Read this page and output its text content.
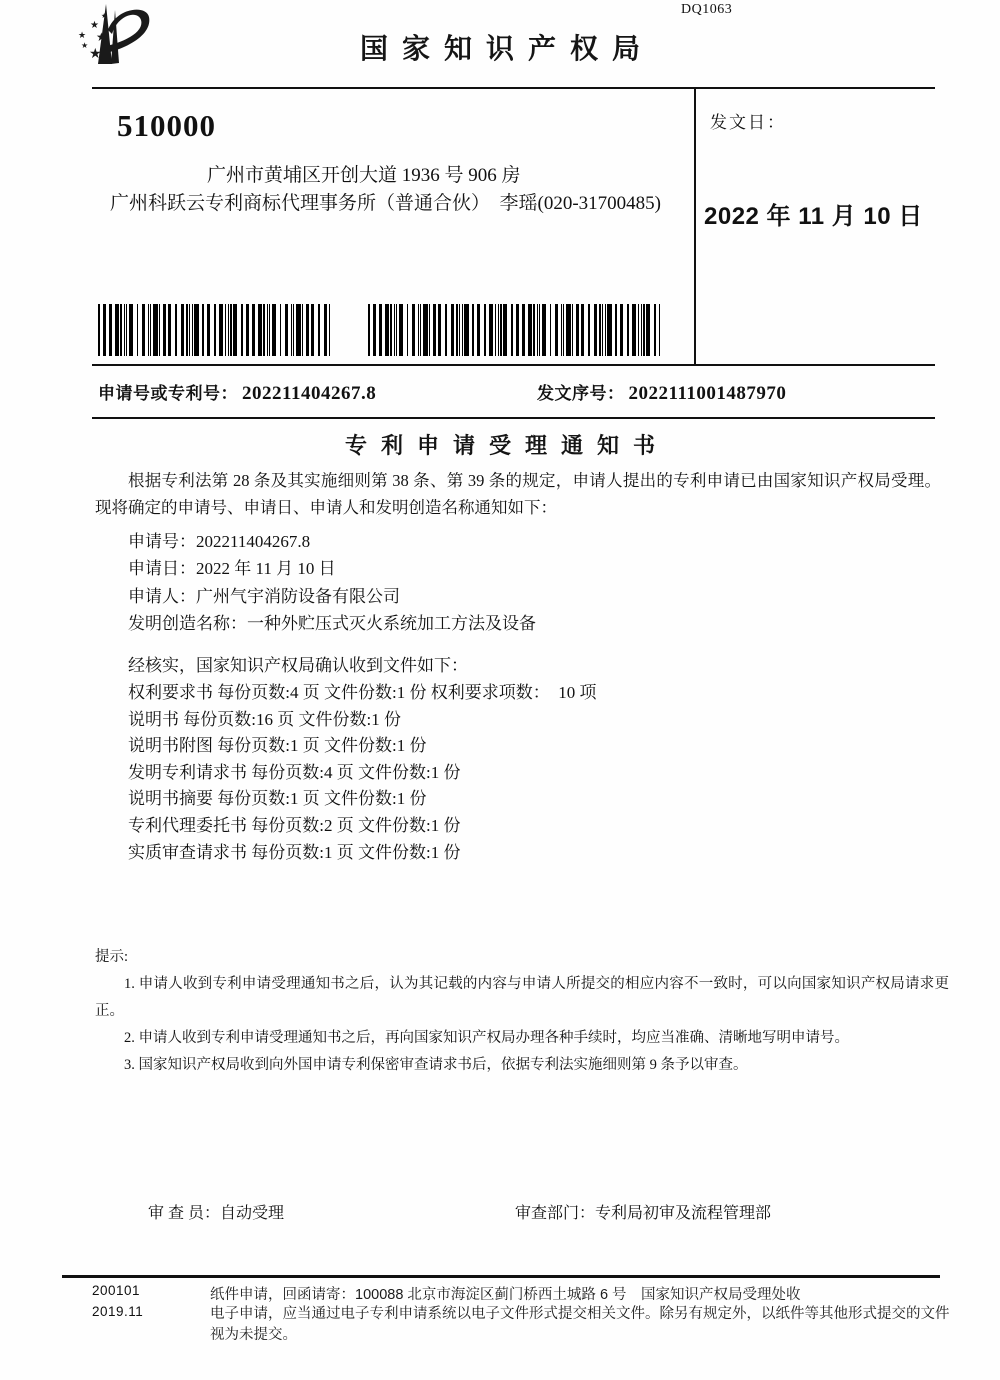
DQ1063
★
★
★
★
★
★	国家知识产权局
510000
广州市黄埔区开创大道 1936 号 906 房
广州科跃云专利商标代理事务所（普通合伙）　李瑶(020-31700485)
发文日：
2022 年 11 月 10 日
申请号或专利号： 202211404267.8	发文序号： 2022111001487970
专利申请受理通知书
根据专利法第 28 条及其实施细则第 38 条、第 39 条的规定，申请人提出的专利申请已由国家知识产权局受理。现将确定的申请号、申请日、申请人和发明创造名称通知如下：
申请号： 202211404267.8
申请日： 2022 年 11 月 10 日
申请人： 广州气宇消防设备有限公司
发明创造名称： 一种外贮压式灭火系统加工方法及设备
经核实，国家知识产权局确认收到文件如下：
权利要求书 每份页数:4 页 文件份数:1 份 权利要求项数：　10 项
说明书 每份页数:16 页 文件份数:1 份
说明书附图 每份页数:1 页 文件份数:1 份
发明专利请求书 每份页数:4 页 文件份数:1 份
说明书摘要 每份页数:1 页 文件份数:1 份
专利代理委托书 每份页数:2 页 文件份数:1 份
实质审查请求书 每份页数:1 页 文件份数:1 份
提示:

1. 申请人收到专利申请受理通知书之后，认为其记载的内容与申请人所提交的相应内容不一致时，可以向国家知识产权局请求更正。

2. 申请人收到专利申请受理通知书之后，再向国家知识产权局办理各种手续时，均应当准确、清晰地写明申请号。

3. 国家知识产权局收到向外国申请专利保密审查请求书后，依据专利法实施细则第 9 条予以审查。

审 查 员： 自动受理	审查部门： 专利局初审及流程管理部
200101
2019.11
纸件申请，回函请寄：100088 北京市海淀区蓟门桥西土城路 6 号　国家知识产权局受理处收
电子申请，应当通过电子专利申请系统以电子文件形式提交相关文件。除另有规定外，以纸件等其他形式提交的文件视为未提交。
